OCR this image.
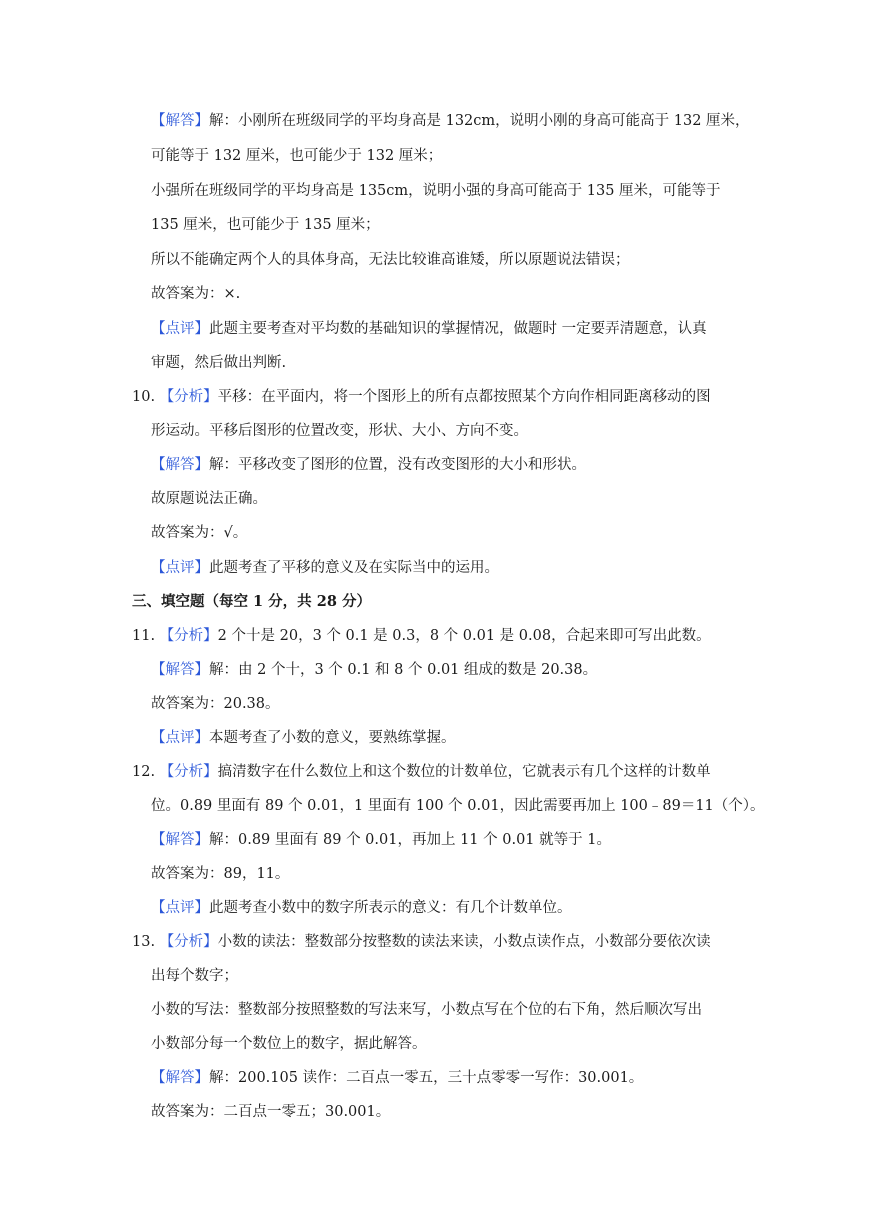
【解答】解：小刚所在班级同学的平均身高是 132cm，说明小刚的身高可能高于 132 厘米，
可能等于 132 厘米，也可能少于 132 厘米；
小强所在班级同学的平均身高是 135cm，说明小强的身高可能高于 135 厘米，可能等于
135 厘米，也可能少于 135 厘米；
所以不能确定两个人的具体身高，无法比较谁高谁矮，所以原题说法错误；
故答案为：×.
【点评】此题主要考查对平均数的基础知识的掌握情况，做题时 一定要弄清题意，认真
审题，然后做出判断.
10. 【分析】平移：在平面内，将一个图形上的所有点都按照某个方向作相同距离移动的图
形运动。平移后图形的位置改变，形状、大小、方向不变。
【解答】解：平移改变了图形的位置，没有改变图形的大小和形状。
故原题说法正确。
故答案为：√。
【点评】此题考查了平移的意义及在实际当中的运用。
三、填空题（每空 1 分，共 28 分）
11. 【分析】2 个十是 20，3 个 0.1 是 0.3，8 个 0.01 是 0.08，合起来即可写出此数。
【解答】解：由 2 个十，3 个 0.1 和 8 个 0.01 组成的数是 20.38。
故答案为：20.38。
【点评】本题考查了小数的意义，要熟练掌握。
12. 【分析】搞清数字在什么数位上和这个数位的计数单位，它就表示有几个这样的计数单
位。0.89 里面有 89 个 0.01，1 里面有 100 个 0.01，因此需要再加上 100﹣89＝11（个）。
【解答】解：0.89 里面有 89 个 0.01，再加上 11 个 0.01 就等于 1。
故答案为：89，11。
【点评】此题考查小数中的数字所表示的意义：有几个计数单位。
13. 【分析】小数的读法：整数部分按整数的读法来读，小数点读作点，小数部分要依次读
出每个数字；
小数的写法：整数部分按照整数的写法来写，小数点写在个位的右下角，然后顺次写出
小数部分每一个数位上的数字，据此解答。
【解答】解：200.105 读作：二百点一零五，三十点零零一写作：30.001。
故答案为：二百点一零五；30.001。
